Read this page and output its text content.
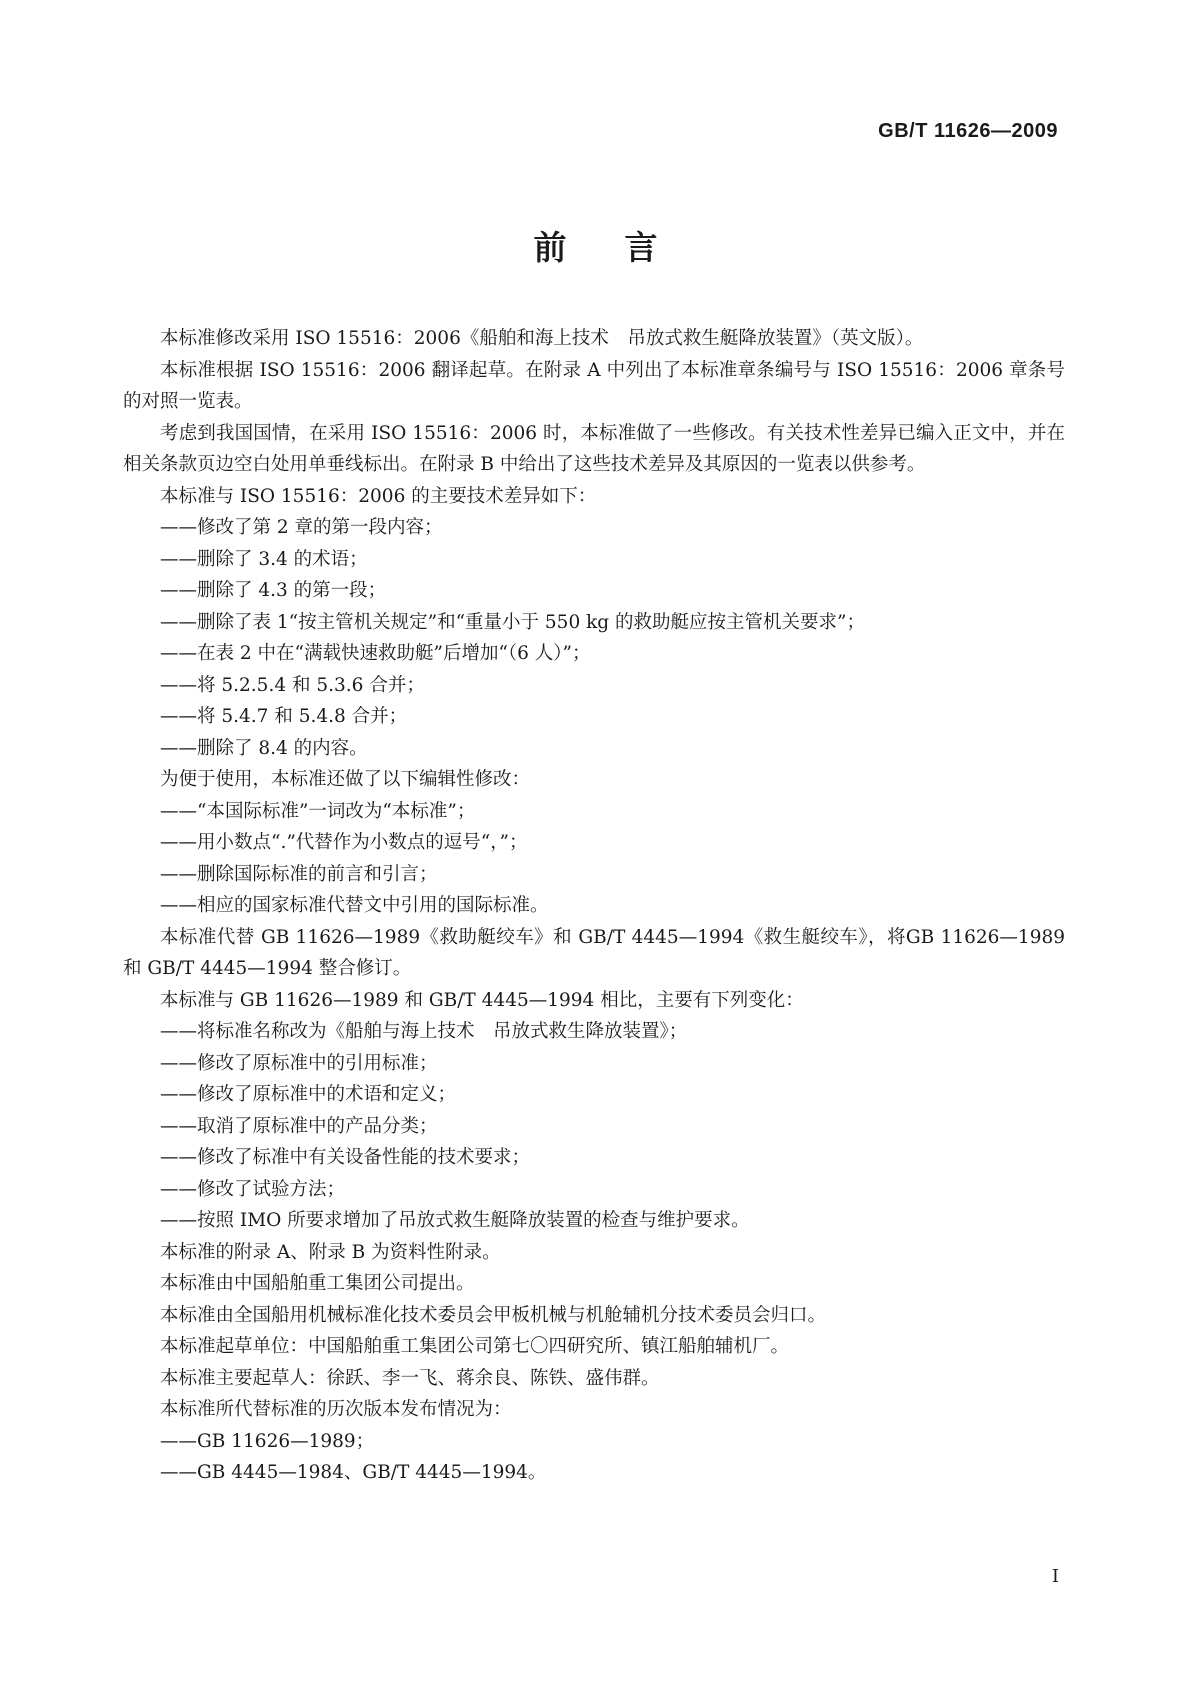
GB/T 11626—2009
前言

本标准修改采用 ISO 15516：2006《船舶和海上技术　吊放式救生艇降放装置》（英文版）。

本标准根据 ISO 15516：2006 翻译起草。在附录 A 中列出了本标准章条编号与 ISO 15516：2006 章条号的对照一览表。

考虑到我国国情，在采用 ISO 15516：2006 时，本标准做了一些修改。有关技术性差异已编入正文中，并在相关条款页边空白处用单垂线标出。在附录 B 中给出了这些技术差异及其原因的一览表以供参考。

本标准与 ISO 15516：2006 的主要技术差异如下：

——修改了第 2 章的第一段内容；

——删除了 3.4 的术语；

——删除了 4.3 的第一段；

——删除了表 1“按主管机关规定”和“重量小于 550 kg 的救助艇应按主管机关要求”；

——在表 2 中在“满载快速救助艇”后增加“（6 人）”；

——将 5.2.5.4 和 5.3.6 合并；

——将 5.4.7 和 5.4.8 合并；

——删除了 8.4 的内容。

为便于使用，本标准还做了以下编辑性修改：

——“本国际标准”一词改为“本标准”；

——用小数点“.”代替作为小数点的逗号“，”；

——删除国际标准的前言和引言；

——相应的国家标准代替文中引用的国际标准。

本标准代替 GB 11626—1989《救助艇绞车》和 GB/T 4445—1994《救生艇绞车》，将GB 11626—1989和 GB/T 4445—1994 整合修订。

本标准与 GB 11626—1989 和 GB/T 4445—1994 相比，主要有下列变化：

——将标准名称改为《船舶与海上技术　吊放式救生降放装置》；

——修改了原标准中的引用标准；

——修改了原标准中的术语和定义；

——取消了原标准中的产品分类；

——修改了标准中有关设备性能的技术要求；

——修改了试验方法；

——按照 IMO 所要求增加了吊放式救生艇降放装置的检查与维护要求。

本标准的附录 A、附录 B 为资料性附录。

本标准由中国船舶重工集团公司提出。

本标准由全国船用机械标准化技术委员会甲板机械与机舱辅机分技术委员会归口。

本标准起草单位：中国船舶重工集团公司第七〇四研究所、镇江船舶辅机厂。

本标准主要起草人：徐跃、李一飞、蒋余良、陈铁、盛伟群。

本标准所代替标准的历次版本发布情况为：

——GB 11626—1989；

——GB 4445—1984、GB/T 4445—1994。

I
